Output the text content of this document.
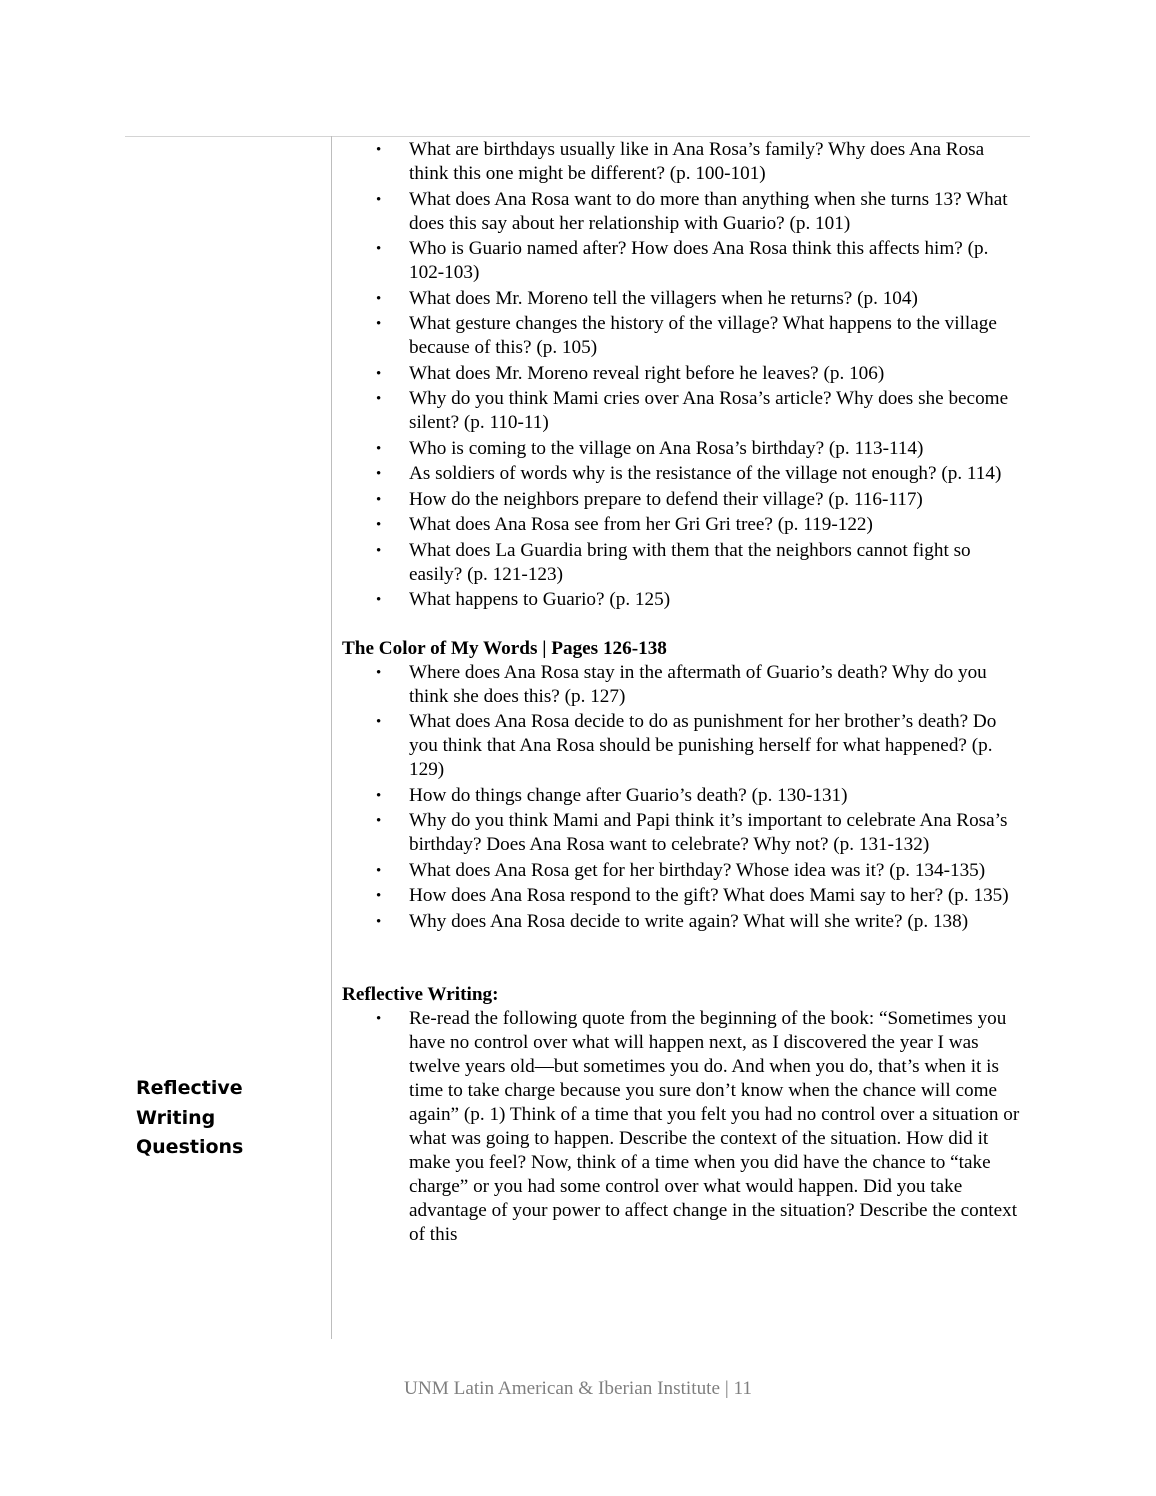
• What are birthdays usually like in Ana Rosa’s family? Why does Ana Rosa think this one might be different? (p. 100-101)
• What does Ana Rosa want to do more than anything when she turns 13? What does this say about her relationship with Guario? (p. 101)
• Who is Guario named after? How does Ana Rosa think this affects him? (p. 102-103)
• What does Mr. Moreno tell the villagers when he returns? (p. 104)
• What gesture changes the history of the village? What happens to the village because of this? (p. 105)
• What does Mr. Moreno reveal right before he leaves? (p. 106)
• Why do you think Mami cries over Ana Rosa’s article? Why does she become silent? (p. 110-11)
• Who is coming to the village on Ana Rosa’s birthday? (p. 113-114)
• As soldiers of words why is the resistance of the village not enough? (p. 114)
• How do the neighbors prepare to defend their village? (p. 116-117)
• What does Ana Rosa see from her Gri Gri tree? (p. 119-122)
• What does La Guardia bring with them that the neighbors cannot fight so easily? (p. 121-123)
• What happens to Guario? (p. 125)

The Color of My Words | Pages 126-138

• Where does Ana Rosa stay in the aftermath of Guario’s death? Why do you think she does this? (p. 127)
• What does Ana Rosa decide to do as punishment for her brother’s death? Do you think that Ana Rosa should be punishing herself for what happened? (p. 129)
• How do things change after Guario’s death? (p. 130-131)
• Why do you think Mami and Papi think it’s important to celebrate Ana Rosa’s birthday? Does Ana Rosa want to celebrate? Why not? (p. 131-132)
• What does Ana Rosa get for her birthday? Whose idea was it? (p. 134-135)
• How does Ana Rosa respond to the gift? What does Mami say to her? (p. 135)
• Why does Ana Rosa decide to write again? What will she write? (p. 138)

Reflective Writing:

• Re-read the following quote from the beginning of the book: “Sometimes you have no control over what will happen next, as I discovered the year I was twelve years old—but sometimes you do. And when you do, that’s when it is time to take charge because you sure don’t know when the chance will come again” (p. 1) Think of a time that you felt you had no control over a situation or what was going to happen. Describe the context of the situation. How did it make you feel? Now, think of a time when you did have the chance to “take charge” or you had some control over what would happen. Did you take advantage of your power to affect change in the situation? Describe the context of this
Reflective
Writing
Questions
UNM Latin American & Iberian Institute | 11
